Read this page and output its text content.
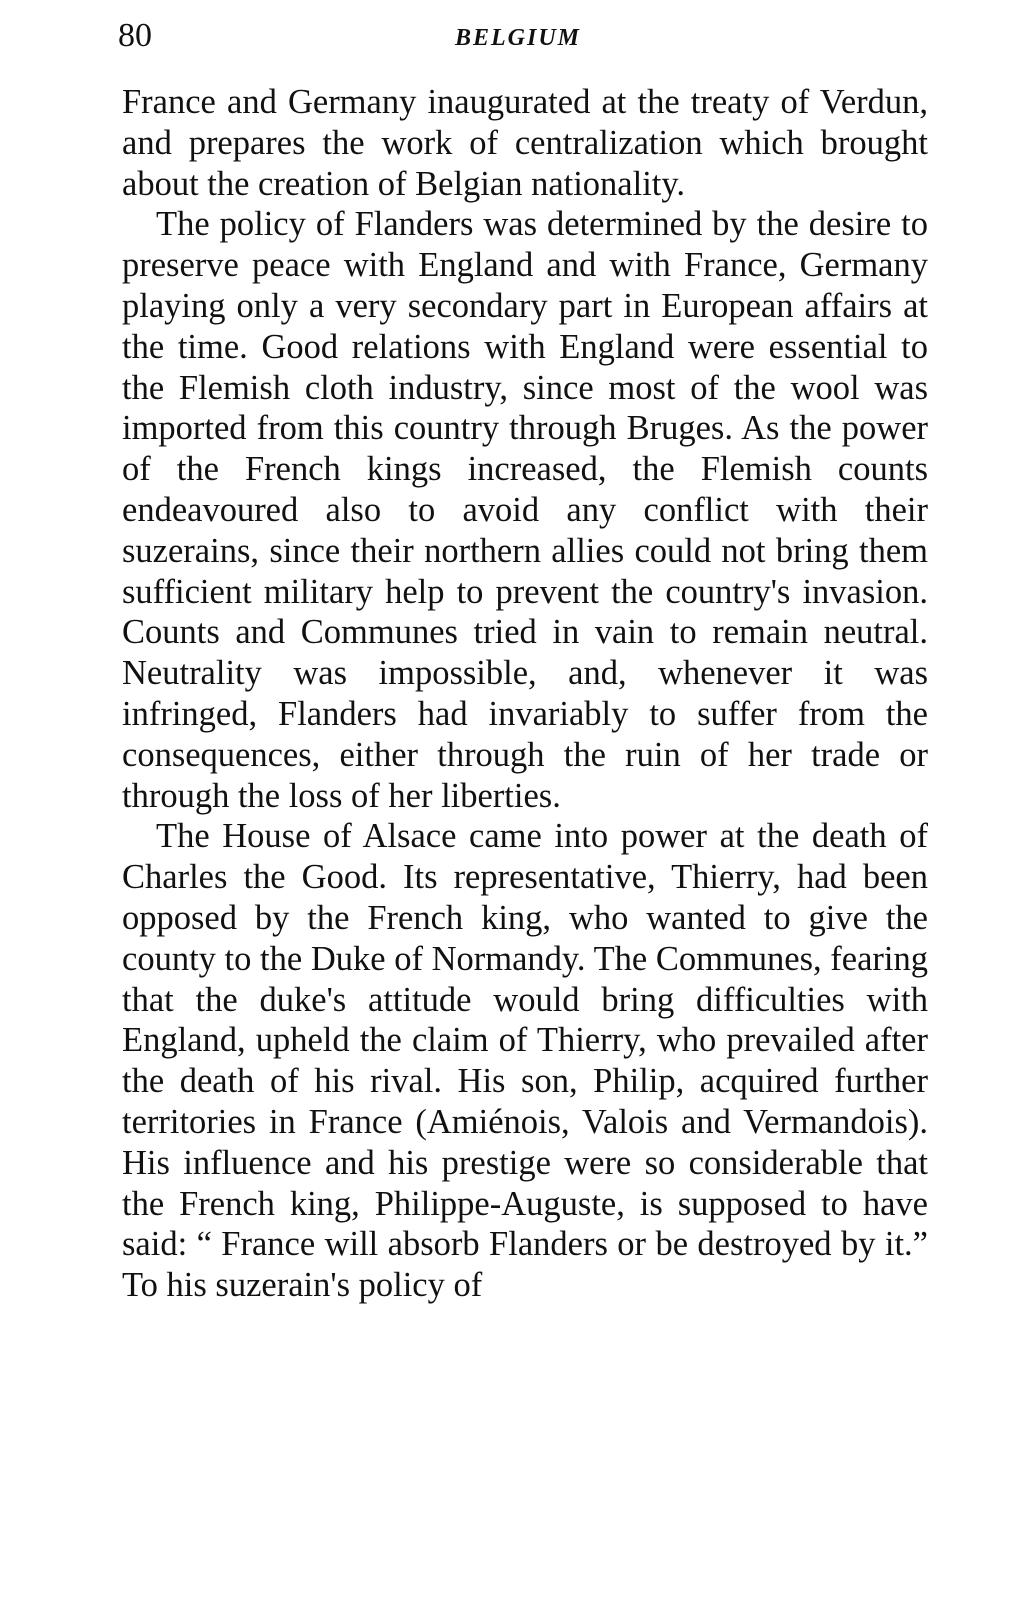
80	BELGIUM

France and Germany inaugurated at the treaty of Verdun, and prepares the work of centralization which brought about the creation of Belgian nationality.

The policy of Flanders was determined by the desire to preserve peace with England and with France, Germany playing only a very secondary part in European affairs at the time. Good relations with England were essential to the Flemish cloth industry, since most of the wool was imported from this country through Bruges. As the power of the French kings increased, the Flemish counts endeavoured also to avoid any conflict with their suzerains, since their northern allies could not bring them sufficient military help to prevent the country's invasion. Counts and Communes tried in vain to remain neutral. Neutrality was impossible, and, whenever it was infringed, Flanders had invariably to suffer from the consequences, either through the ruin of her trade or through the loss of her liberties.

The House of Alsace came into power at the death of Charles the Good. Its representative, Thierry, had been opposed by the French king, who wanted to give the county to the Duke of Normandy. The Communes, fearing that the duke's attitude would bring difficulties with England, upheld the claim of Thierry, who prevailed after the death of his rival. His son, Philip, acquired further territories in France (Amiénois, Valois and Vermandois). His influence and his prestige were so considerable that the French king, Philippe-Auguste, is supposed to have said: “ France will absorb Flanders or be destroyed by it.” To his suzerain's policy of
